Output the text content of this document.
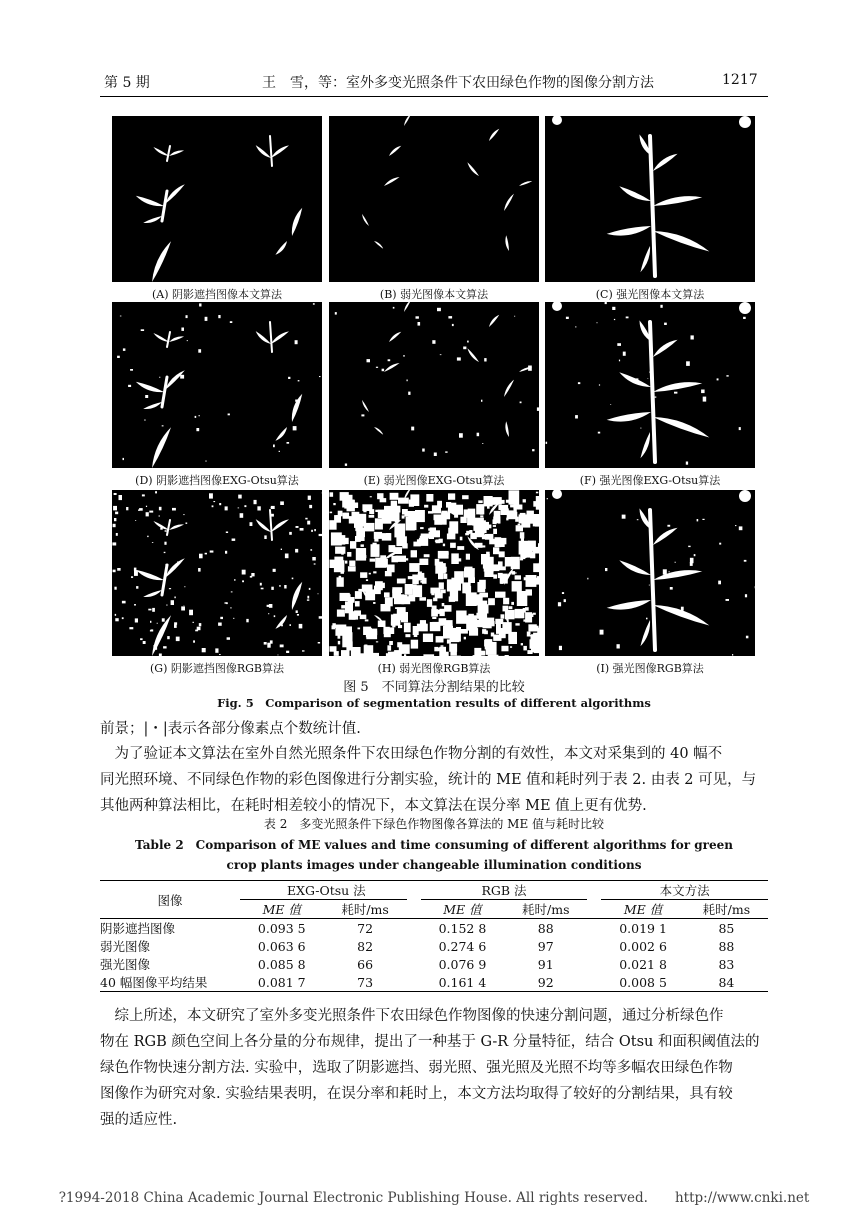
第 5 期	王　雪，等：室外多变光照条件下农田绿色作物的图像分割方法	1217
(A) 阴影遮挡图像本文算法	(B) 弱光图像本文算法	(C) 强光图像本文算法
(D) 阴影遮挡图像EXG-Otsu算法	(E) 弱光图像EXG-Otsu算法	(F) 强光图像EXG-Otsu算法
(G) 阴影遮挡图像RGB算法	(H) 弱光图像RGB算法	(I) 强光图像RGB算法
图 5　不同算法分割结果的比较
Fig. 5　Comparison of segmentation results of different algorithms
前景；|・|表示各部分像素点个数统计值.
　为了验证本文算法在室外自然光照条件下农田绿色作物分割的有效性，本文对采集到的 40 幅不
同光照环境、不同绿色作物的彩色图像进行分割实验，统计的 ME 值和耗时列于表 2. 由表 2 可见，与
其他两种算法相比，在耗时相差较小的情况下，本文算法在误分率 ME 值上更有优势.
表 2　多变光照条件下绿色作物图像各算法的 ME 值与耗时比较
Table 2　Comparison of ME values and time consuming of different algorithms for green
crop plants images under changeable illumination conditions
图像	EXG-Otsu 法			RGB 法			本文方法	
	ME 值	耗时/ms		ME 值	耗时/ms		ME 值	耗时/ms
阴影遮挡图像	0.093 5	72		0.152 8	88		0.019 1	85
弱光图像	0.063 6	82		0.274 6	97		0.002 6	88
强光图像	0.085 8	66		0.076 9	91		0.021 8	83
40 幅图像平均结果	0.081 7	73		0.161 4	92		0.008 5	84
　综上所述，本文研究了室外多变光照条件下农田绿色作物图像的快速分割问题，通过分析绿色作
物在 RGB 颜色空间上各分量的分布规律，提出了一种基于 G-R 分量特征，结合 Otsu 和面积阈值法的
绿色作物快速分割方法. 实验中，选取了阴影遮挡、弱光照、强光照及光照不均等多幅农田绿色作物
图像作为研究对象. 实验结果表明，在误分率和耗时上，本文方法均取得了较好的分割结果，具有较
强的适应性.
?1994-2018 China Academic Journal Electronic Publishing House. All rights reserved.　　http://www.cnki.net
